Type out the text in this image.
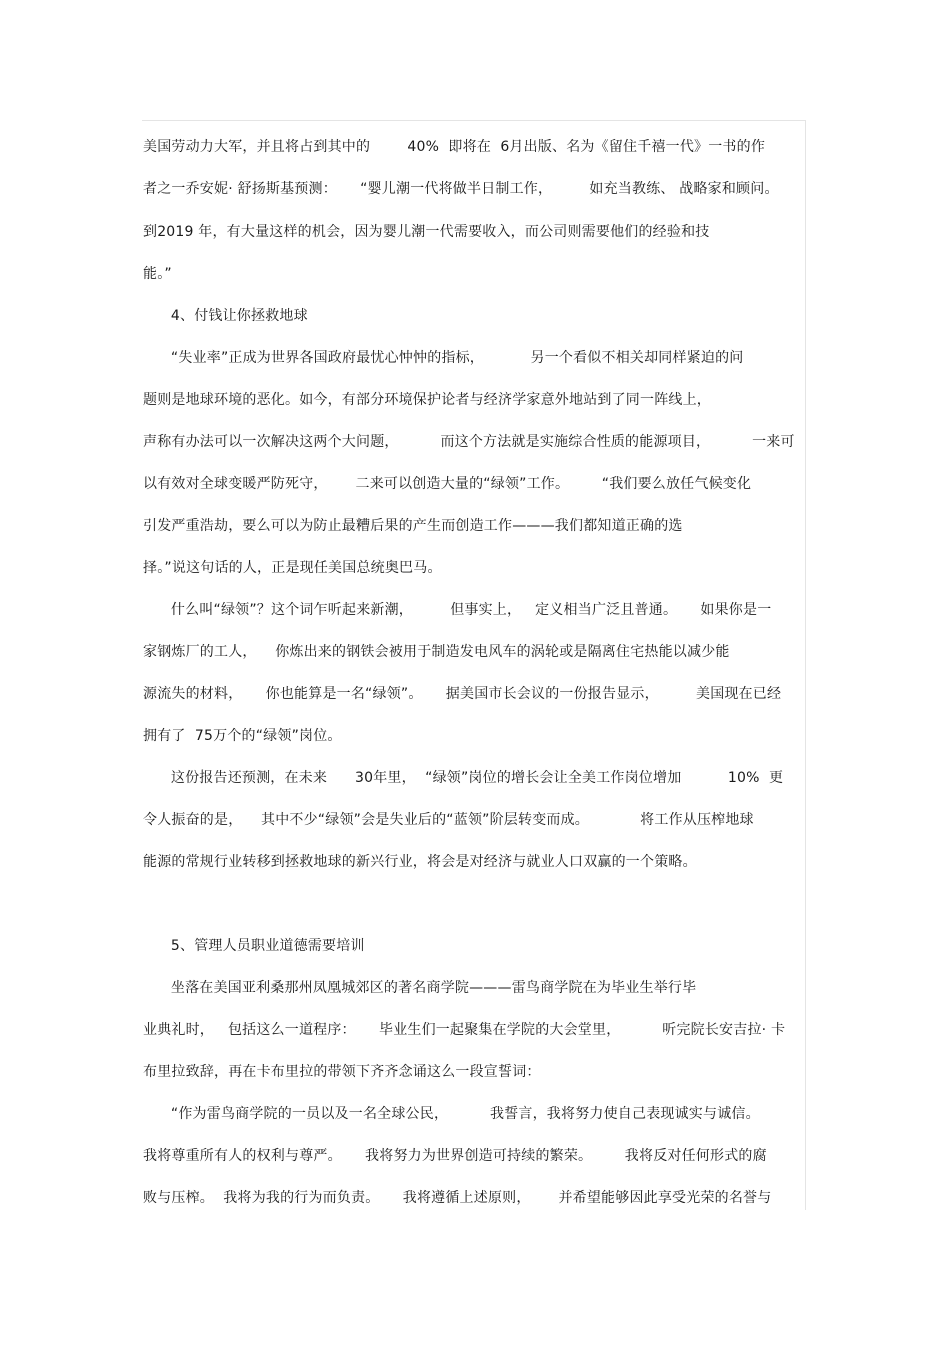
美国劳动力大军，并且将占到其中的        40%  即将在  6月出版、名为《留住千禧一代》一书的作
者之一乔安妮· 舒扬斯基预测：     “婴儿潮一代将做半日制工作，        如充当教练、 战略家和顾问。
到2019 年，有大量这样的机会，因为婴儿潮一代需要收入，而公司则需要他们的经验和技
能。”
4、付钱让你拯救地球
“失业率”正成为世界各国政府最忧心忡忡的指标，          另一个看似不相关却同样紧迫的问
题则是地球环境的恶化。如今，有部分环境保护论者与经济学家意外地站到了同一阵线上，
声称有办法可以一次解决这两个大问题，         而这个方法就是实施综合性质的能源项目，         一来可
以有效对全球变暖严防死守，      二来可以创造大量的“绿领”工作。       “我们要么放任气候变化
引发严重浩劫，要么可以为防止最糟后果的产生而创造工作———我们都知道正确的选
择。”说这句话的人，正是现任美国总统奥巴马。
什么叫“绿领”？这个词乍听起来新潮，        但事实上，   定义相当广泛且普通。     如果你是一
家钢炼厂的工人，    你炼出来的钢铁会被用于制造发电风车的涡轮或是隔离住宅热能以减少能
源流失的材料，     你也能算是一名“绿领”。     据美国市长会议的一份报告显示，        美国现在已经
拥有了  75万个的“绿领”岗位。
这份报告还预测，在未来      30年里，  “绿领”岗位的增长会让全美工作岗位增加          10%  更
令人振奋的是，    其中不少“绿领”会是失业后的“蓝领”阶层转变而成。           将工作从压榨地球
能源的常规行业转移到拯救地球的新兴行业，将会是对经济与就业人口双赢的一个策略。
5、管理人员职业道德需要培训
坐落在美国亚利桑那州凤凰城郊区的著名商学院———雷鸟商学院在为毕业生举行毕
业典礼时，   包括这么一道程序：     毕业生们一起聚集在学院的大会堂里，         听完院长安吉拉· 卡
布里拉致辞，再在卡布里拉的带领下齐齐念诵这么一段宣誓词：
“作为雷鸟商学院的一员以及一名全球公民，         我誓言，我将努力使自己表现诚实与诚信。
我将尊重所有人的权利与尊严。     我将努力为世界创造可持续的繁荣。       我将反对任何形式的腐
败与压榨。  我将为我的行为而负责。     我将遵循上述原则，      并希望能够因此享受光荣的名誉与
